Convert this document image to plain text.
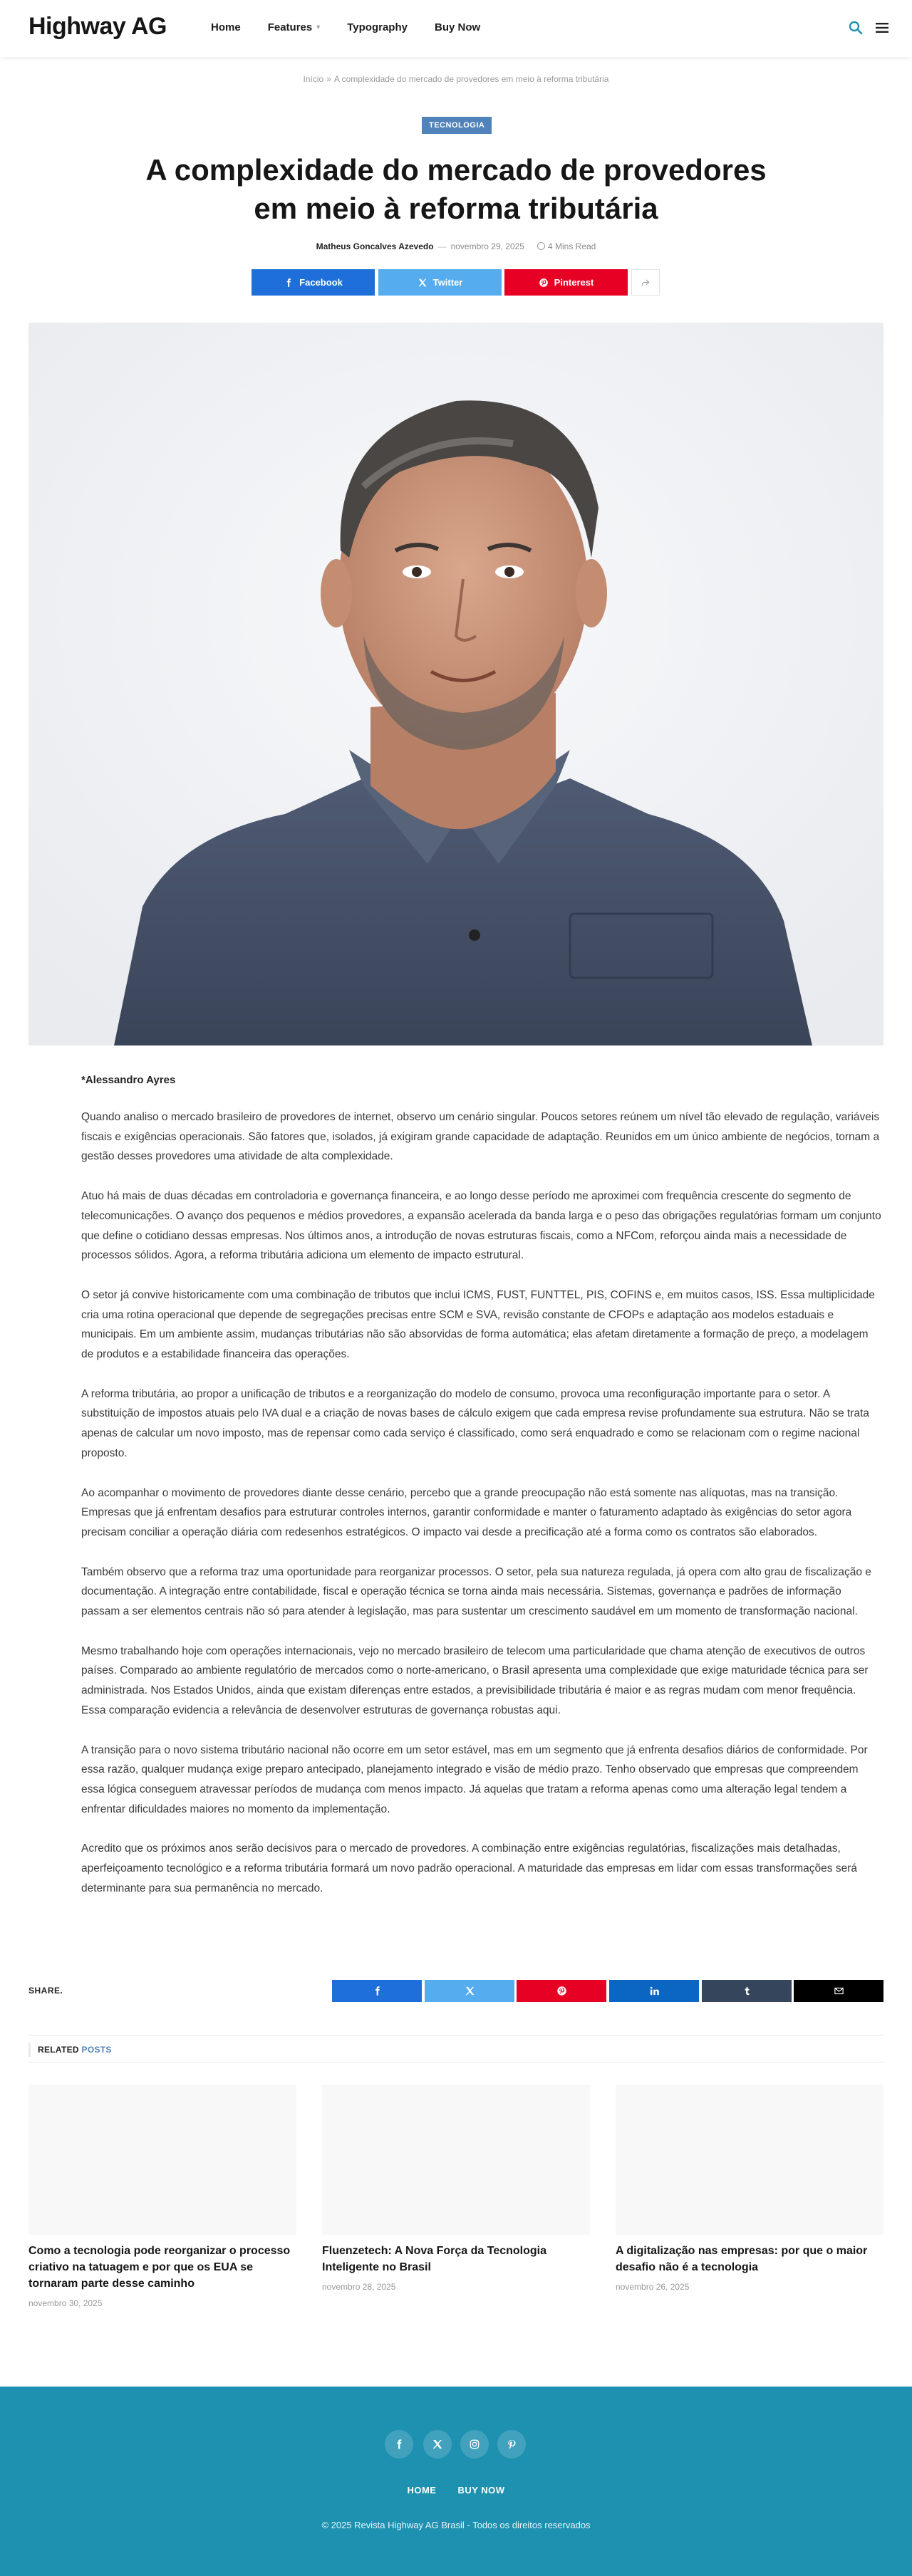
Highway AG	Home	Features ▾	Typography	Buy Now
Início » A complexidade do mercado de provedores em meio à reforma tributária
TECNOLOGIA
A complexidade do mercado de provedores
em meio à reforma tributária
Matheus Goncalves Azevedo — novembro 29, 2025	4 Mins Read
Facebook	Twitter	Pinterest
*Alessandro Ayres

Quando analiso o mercado brasileiro de provedores de internet, observo um cenário singular. Poucos setores reúnem um nível tão elevado de regulação, variáveis fiscais e exigências operacionais. São fatores que, isolados, já exigiram grande capacidade de adaptação. Reunidos em um único ambiente de negócios, tornam a gestão desses provedores uma atividade de alta complexidade.

Atuo há mais de duas décadas em controladoria e governança financeira, e ao longo desse período me aproximei com frequência crescente do segmento de telecomunicações. O avanço dos pequenos e médios provedores, a expansão acelerada da banda larga e o peso das obrigações regulatórias formam um conjunto que define o cotidiano dessas empresas. Nos últimos anos, a introdução de novas estruturas fiscais, como a NFCom, reforçou ainda mais a necessidade de processos sólidos. Agora, a reforma tributária adiciona um elemento de impacto estrutural.

O setor já convive historicamente com uma combinação de tributos que inclui ICMS, FUST, FUNTTEL, PIS, COFINS e, em muitos casos, ISS. Essa multiplicidade cria uma rotina operacional que depende de segregações precisas entre SCM e SVA, revisão constante de CFOPs e adaptação aos modelos estaduais e municipais. Em um ambiente assim, mudanças tributárias não são absorvidas de forma automática; elas afetam diretamente a formação de preço, a modelagem de produtos e a estabilidade financeira das operações.

A reforma tributária, ao propor a unificação de tributos e a reorganização do modelo de consumo, provoca uma reconfiguração importante para o setor. A substituição de impostos atuais pelo IVA dual e a criação de novas bases de cálculo exigem que cada empresa revise profundamente sua estrutura. Não se trata apenas de calcular um novo imposto, mas de repensar como cada serviço é classificado, como será enquadrado e como se relacionam com o regime nacional proposto.

Ao acompanhar o movimento de provedores diante desse cenário, percebo que a grande preocupação não está somente nas alíquotas, mas na transição. Empresas que já enfrentam desafios para estruturar controles internos, garantir conformidade e manter o faturamento adaptado às exigências do setor agora precisam conciliar a operação diária com redesenhos estratégicos. O impacto vai desde a precificação até a forma como os contratos são elaborados.

Também observo que a reforma traz uma oportunidade para reorganizar processos. O setor, pela sua natureza regulada, já opera com alto grau de fiscalização e documentação. A integração entre contabilidade, fiscal e operação técnica se torna ainda mais necessária. Sistemas, governança e padrões de informação passam a ser elementos centrais não só para atender à legislação, mas para sustentar um crescimento saudável em um momento de transformação nacional.

Mesmo trabalhando hoje com operações internacionais, vejo no mercado brasileiro de telecom uma particularidade que chama atenção de executivos de outros países. Comparado ao ambiente regulatório de mercados como o norte-americano, o Brasil apresenta uma complexidade que exige maturidade técnica para ser administrada. Nos Estados Unidos, ainda que existam diferenças entre estados, a previsibilidade tributária é maior e as regras mudam com menor frequência. Essa comparação evidencia a relevância de desenvolver estruturas de governança robustas aqui.

A transição para o novo sistema tributário nacional não ocorre em um setor estável, mas em um segmento que já enfrenta desafios diários de conformidade. Por essa razão, qualquer mudança exige preparo antecipado, planejamento integrado e visão de médio prazo. Tenho observado que empresas que compreendem essa lógica conseguem atravessar períodos de mudança com menos impacto. Já aquelas que tratam a reforma apenas como uma alteração legal tendem a enfrentar dificuldades maiores no momento da implementação.

Acredito que os próximos anos serão decisivos para o mercado de provedores. A combinação entre exigências regulatórias, fiscalizações mais detalhadas, aperfeiçoamento tecnológico e a reforma tributária formará um novo padrão operacional. A maturidade das empresas em lidar com essas transformações será determinante para sua permanência no mercado.

SHARE.
RELATED POSTS
Como a tecnologia pode reorganizar o processo criativo na tatuagem e por que os EUA se tornaram parte desse caminho
novembro 30, 2025
Fluenzetech: A Nova Força da Tecnologia Inteligente no Brasil
novembro 28, 2025
A digitalização nas empresas: por que o maior desafio não é a tecnologia
novembro 26, 2025
HOME BUY NOW
© 2025 Revista Highway AG Brasil - Todos os direitos reservados
